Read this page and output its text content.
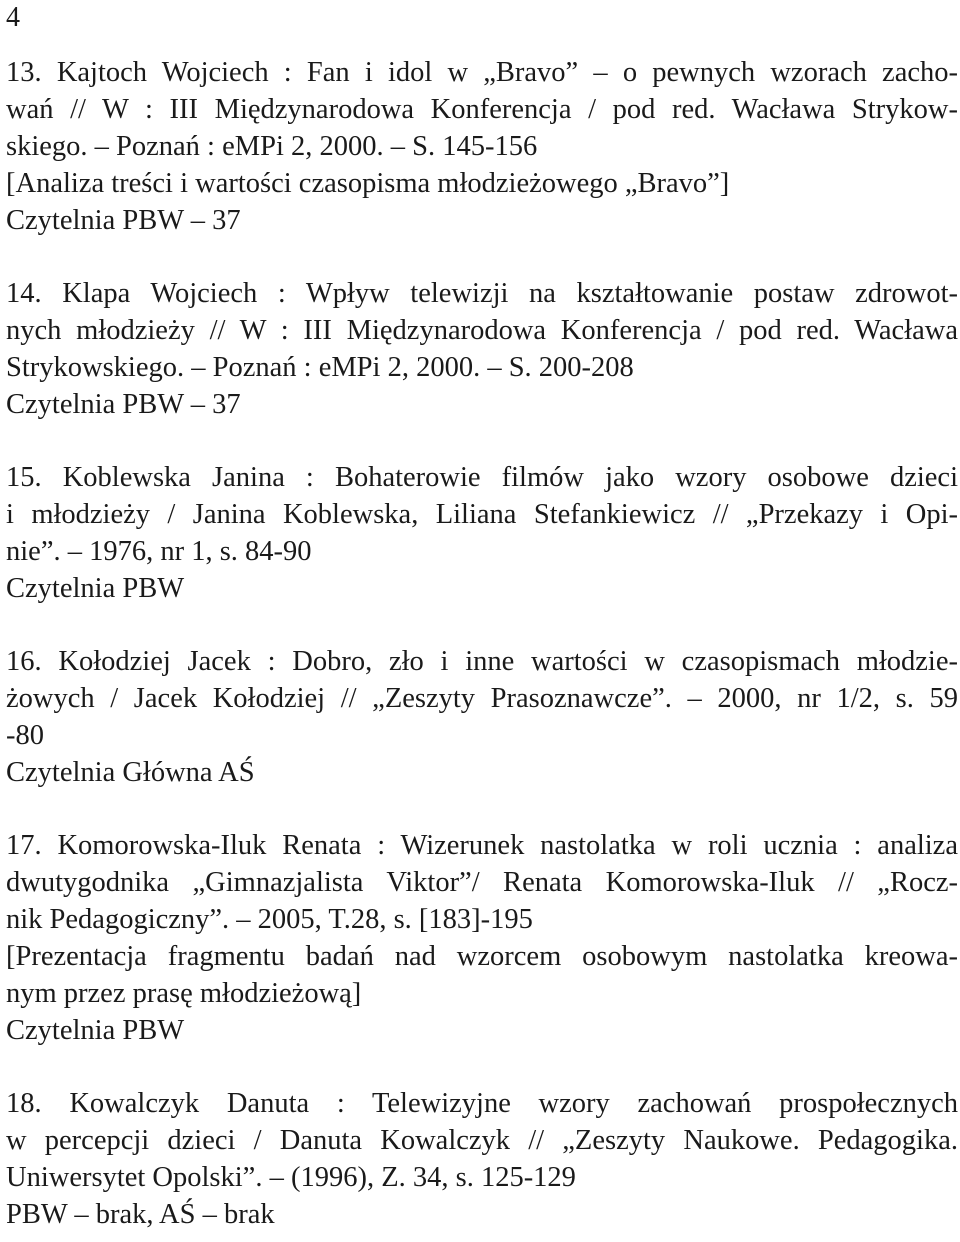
4
13. Kajtoch Wojciech : Fan i idol w „Bravo” – o pewnych wzorach zacho-
wań // W : III Międzynarodowa Konferencja / pod red. Wacława Strykow-
skiego. – Poznań : eMPi 2, 2000. – S. 145-156
[Analiza treści i wartości czasopisma młodzieżowego „Bravo”]
Czytelnia PBW – 37
14. Klapa Wojciech : Wpływ telewizji na kształtowanie postaw zdrowot-
nych młodzieży // W : III Międzynarodowa Konferencja / pod red. Wacława
Strykowskiego. – Poznań : eMPi 2, 2000. – S. 200-208
Czytelnia PBW – 37
15. Koblewska Janina : Bohaterowie filmów jako wzory osobowe dzieci
i młodzieży / Janina Koblewska, Liliana Stefankiewicz // „Przekazy i Opi-
nie”. – 1976, nr 1, s. 84-90
Czytelnia PBW
16. Kołodziej Jacek : Dobro, zło i inne wartości w czasopismach młodzie-
żowych / Jacek Kołodziej // „Zeszyty Prasoznawcze”. – 2000, nr 1/2, s. 59
-80
Czytelnia Główna AŚ
17. Komorowska-Iluk Renata : Wizerunek nastolatka w roli ucznia : analiza
dwutygodnika „Gimnazjalista Viktor”/ Renata Komorowska-Iluk // „Rocz-
nik Pedagogiczny”. – 2005, T.28, s. [183]-195
[Prezentacja fragmentu badań nad wzorcem osobowym nastolatka kreowa-
nym przez prasę młodzieżową]
Czytelnia PBW
18. Kowalczyk Danuta : Telewizyjne wzory zachowań prospołecznych
w percepcji dzieci / Danuta Kowalczyk // „Zeszyty Naukowe. Pedagogika.
Uniwersytet Opolski”. – (1996), Z. 34, s. 125-129
PBW – brak, AŚ – brak
